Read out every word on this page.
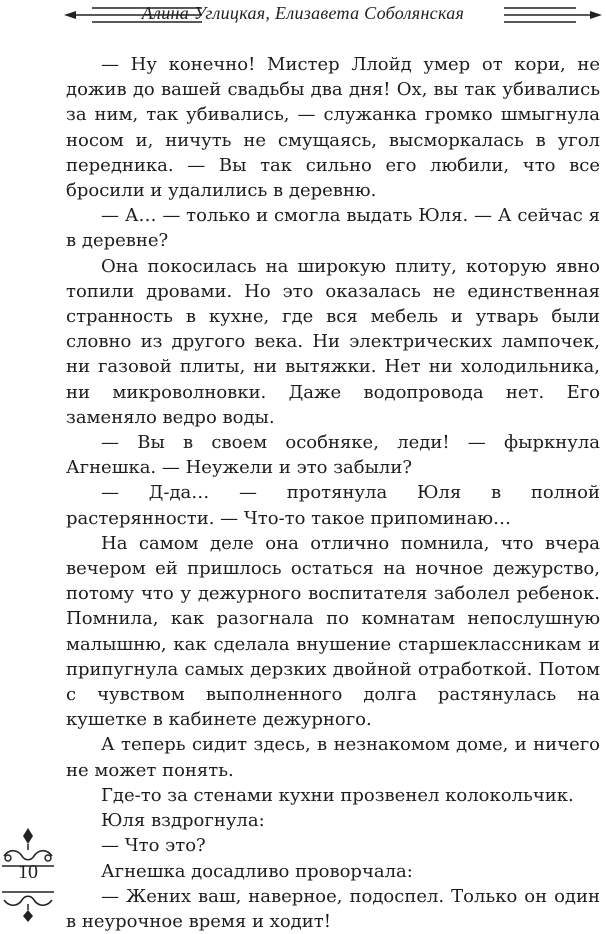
Алина Углицкая, Елизавета Соболянская

— Ну конечно! Мистер Ллойд умер от кори, не дожив до вашей свадьбы два дня! Ох, вы так убивались за ним, так убивались, — служанка громко шмыгнула носом и, ничуть не смущаясь, высморкалась в угол передника. — Вы так сильно его любили, что все бросили и удалились в деревню.

— А… — только и смогла выдать Юля. — А сейчас я в деревне?

Она покосилась на широкую плиту, которую явно топили дровами. Но это оказалась не единственная странность в кухне, где вся мебель и утварь были словно из другого века. Ни электрических лампочек, ни газовой плиты, ни вытяжки. Нет ни холодильника, ни микроволновки. Даже водопровода нет. Его заменяло ведро воды.

— Вы в своем особняке, леди! — фыркнула Агнешка. — Неужели и это забыли?

— Д-да… — протянула Юля в полной растерянности. — Что-то такое припоминаю…

На самом деле она отлично помнила, что вчера вечером ей пришлось остаться на ночное дежурство, потому что у дежурного воспитателя заболел ребенок. Помнила, как разогнала по комнатам непослушную малышню, как сделала внушение старшеклассникам и припугнула самых дерзких двойной отработкой. Потом с чувством выполненного долга растянулась на кушетке в кабинете дежурного.

А теперь сидит здесь, в незнакомом доме, и ничего не может понять.

Где-то за стенами кухни прозвенел колокольчик.

Юля вздрогнула:

— Что это?

Агнешка досадливо проворчала:

— Жених ваш, наверное, подоспел. Только он один в неурочное время и ходит!

10
